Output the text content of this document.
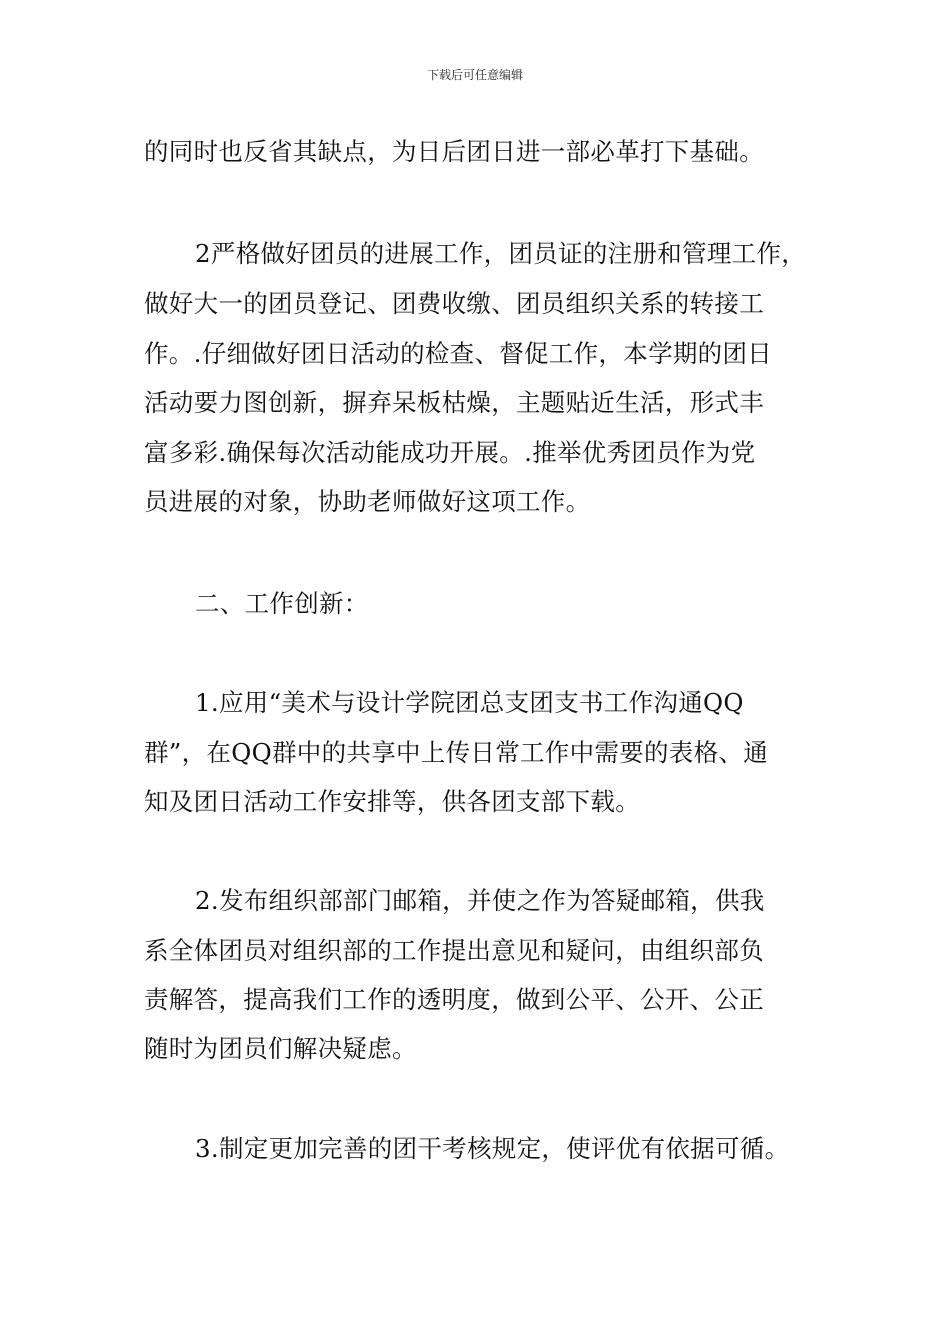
下载后可任意编辑
的同时也反省其缺点，为日后团日进一部必革打下基础。
2严格做好团员的进展工作，团员证的注册和管理工作，
做好大一的团员登记、团费收缴、团员组织关系的转接工
作。.仔细做好团日活动的检查、督促工作，本学期的团日
活动要力图创新，摒弃呆板枯燥，主题贴近生活，形式丰
富多彩.确保每次活动能成功开展。.推举优秀团员作为党
员进展的对象，协助老师做好这项工作。
二、工作创新：
1.应用“美术与设计学院团总支团支书工作沟通QQ
群”，在QQ群中的共享中上传日常工作中需要的表格、通
知及团日活动工作安排等，供各团支部下载。
2.发布组织部部门邮箱，并使之作为答疑邮箱，供我
系全体团员对组织部的工作提出意见和疑问，由组织部负
责解答，提高我们工作的透明度，做到公平、公开、公正
随时为团员们解决疑虑。
3.制定更加完善的团干考核规定，使评优有依据可循。
